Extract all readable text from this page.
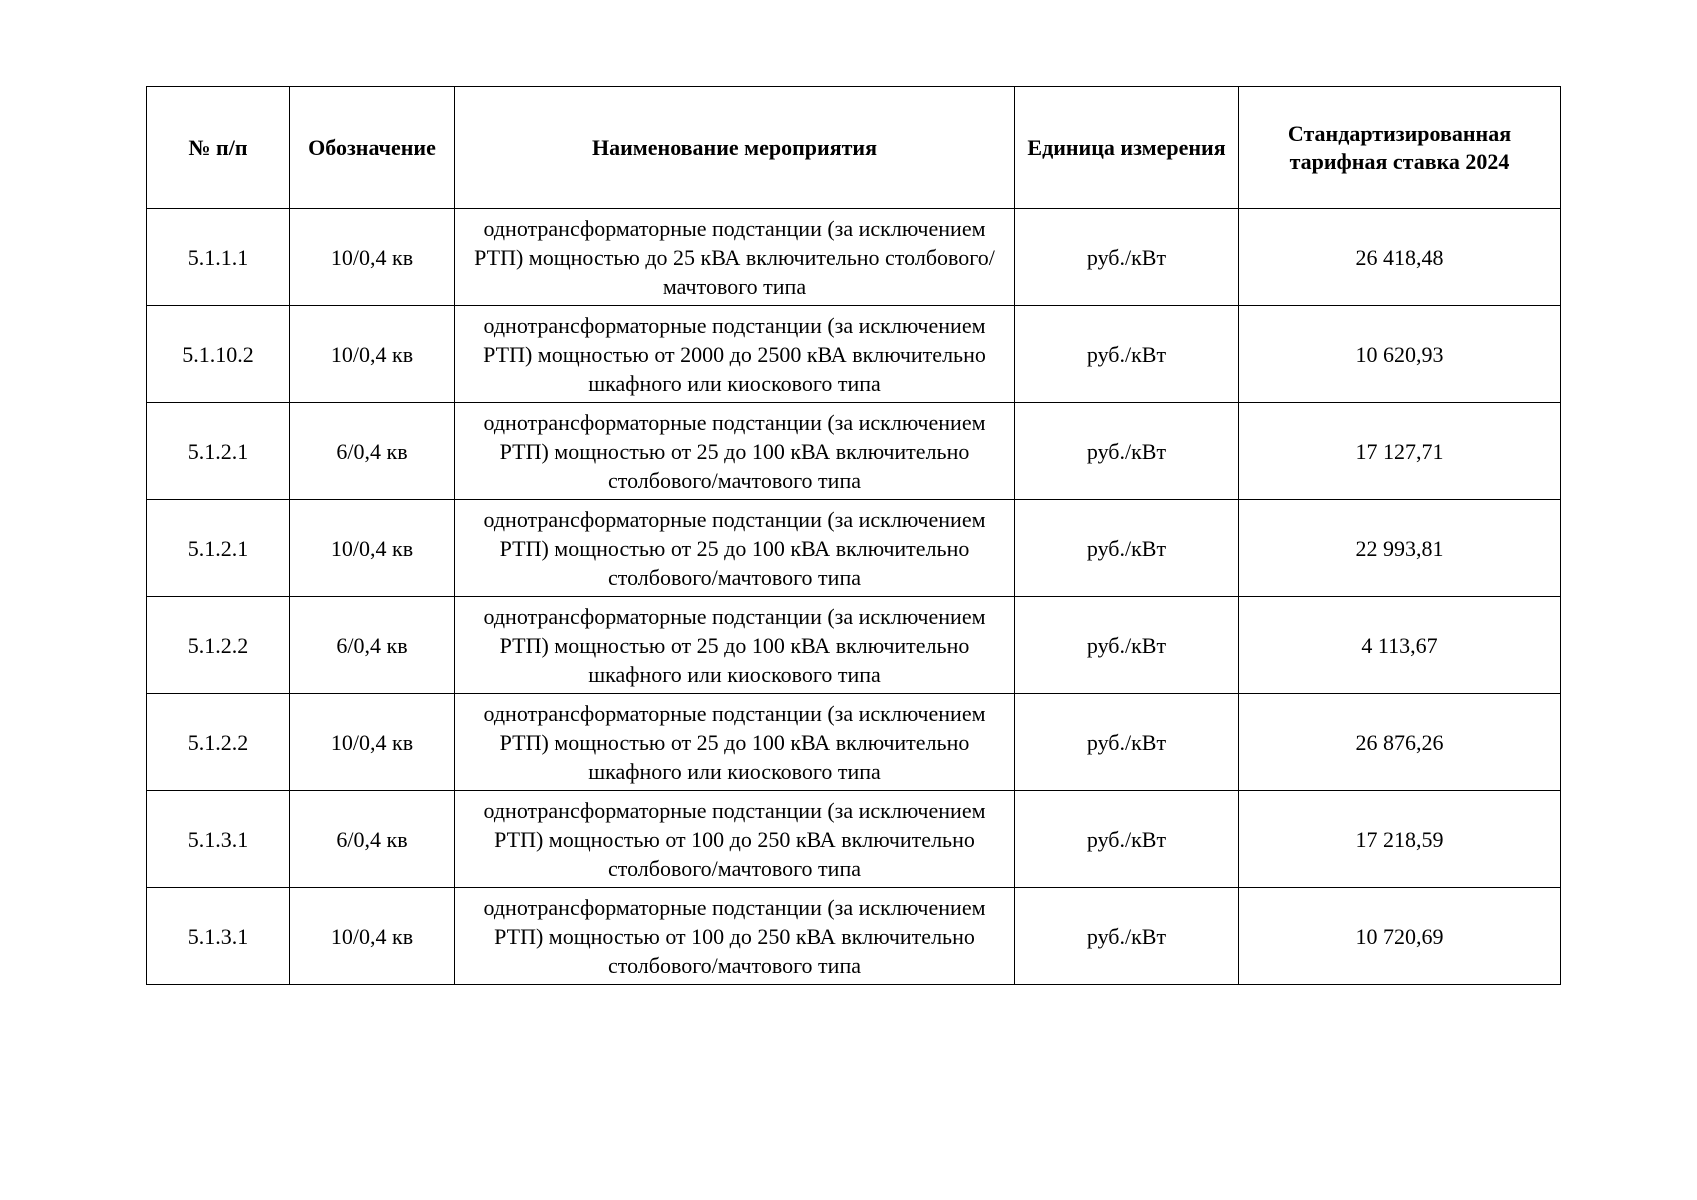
№ п/п	Обозначение	Наименование мероприятия	Единица измерения	Стандартизированная тарифная ставка 2024
5.1.1.1	10/0,4 кв	однотрансформаторные подстанции (за исключением РТП) мощностью до 25 кВА включительно столбового/мачтового типа	руб./кВт	26 418,48
5.1.10.2	10/0,4 кв	однотрансформаторные подстанции (за исключением РТП) мощностью от 2000 до 2500 кВА включительно шкафного или киоскового типа	руб./кВт	10 620,93
5.1.2.1	6/0,4 кв	однотрансформаторные подстанции (за исключением РТП) мощностью от 25 до 100 кВА включительно столбового/мачтового типа	руб./кВт	17 127,71
5.1.2.1	10/0,4 кв	однотрансформаторные подстанции (за исключением РТП) мощностью от 25 до 100 кВА включительно столбового/мачтового типа	руб./кВт	22 993,81
5.1.2.2	6/0,4 кв	однотрансформаторные подстанции (за исключением РТП) мощностью от 25 до 100 кВА включительно шкафного или киоскового типа	руб./кВт	4 113,67
5.1.2.2	10/0,4 кв	однотрансформаторные подстанции (за исключением РТП) мощностью от 25 до 100 кВА включительно шкафного или киоскового типа	руб./кВт	26 876,26
5.1.3.1	6/0,4 кв	однотрансформаторные подстанции (за исключением РТП) мощностью от 100 до 250 кВА включительно столбового/мачтового типа	руб./кВт	17 218,59
5.1.3.1	10/0,4 кв	однотрансформаторные подстанции (за исключением РТП) мощностью от 100 до 250 кВА включительно столбового/мачтового типа	руб./кВт	10 720,69
